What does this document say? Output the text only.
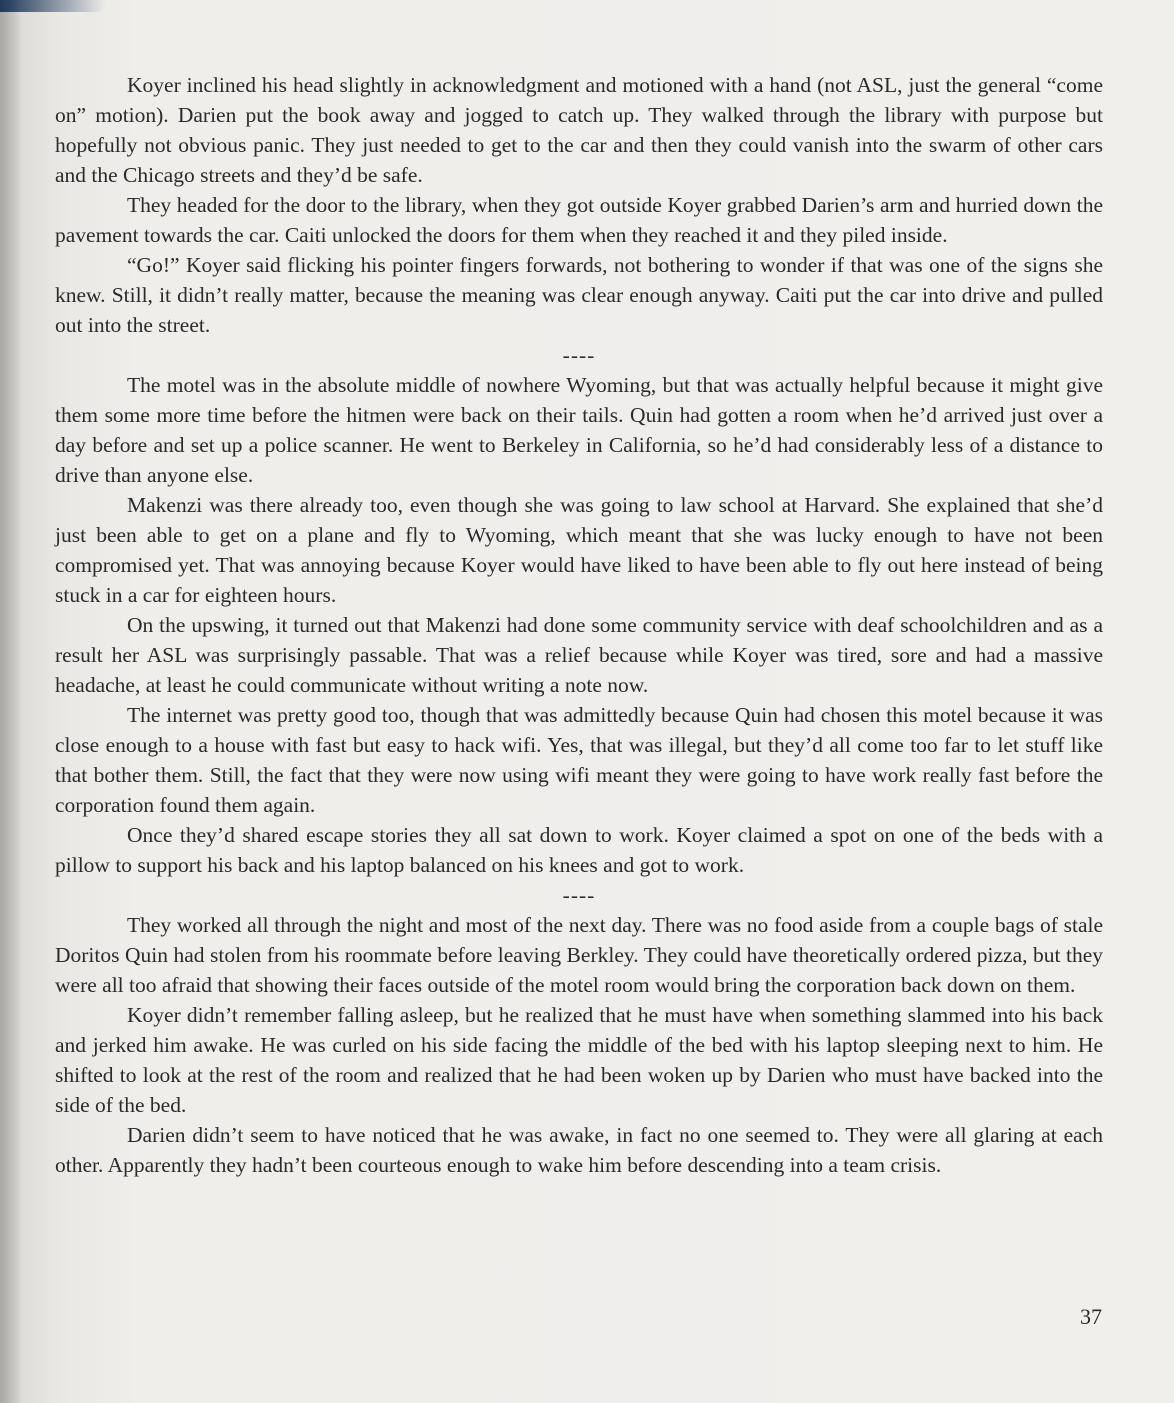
Koyer inclined his head slightly in acknowledgment and motioned with a hand (not ASL, just the general “come on” motion). Darien put the book away and jogged to catch up. They walked through the library with purpose but hopefully not obvious panic. They just needed to get to the car and then they could vanish into the swarm of other cars and the Chicago streets and they’d be safe.

They headed for the door to the library, when they got outside Koyer grabbed Darien’s arm and hurried down the pavement towards the car. Caiti unlocked the doors for them when they reached it and they piled inside.

“Go!” Koyer said flicking his pointer fingers forwards, not bothering to wonder if that was one of the signs she knew. Still, it didn’t really matter, because the meaning was clear enough anyway. Caiti put the car into drive and pulled out into the street.

----

The motel was in the absolute middle of nowhere Wyoming, but that was actually helpful because it might give them some more time before the hitmen were back on their tails. Quin had gotten a room when he’d arrived just over a day before and set up a police scanner. He went to Berkeley in California, so he’d had considerably less of a distance to drive than anyone else.

Makenzi was there already too, even though she was going to law school at Harvard. She explained that she’d just been able to get on a plane and fly to Wyoming, which meant that she was lucky enough to have not been compromised yet. That was annoying because Koyer would have liked to have been able to fly out here instead of being stuck in a car for eighteen hours.

On the upswing, it turned out that Makenzi had done some community service with deaf schoolchildren and as a result her ASL was surprisingly passable. That was a relief because while Koyer was tired, sore and had a massive headache, at least he could communicate without writing a note now.

The internet was pretty good too, though that was admittedly because Quin had chosen this motel because it was close enough to a house with fast but easy to hack wifi. Yes, that was illegal, but they’d all come too far to let stuff like that bother them. Still, the fact that they were now using wifi meant they were going to have work really fast before the corporation found them again.

Once they’d shared escape stories they all sat down to work. Koyer claimed a spot on one of the beds with a pillow to support his back and his laptop balanced on his knees and got to work.

----

They worked all through the night and most of the next day. There was no food aside from a couple bags of stale Doritos Quin had stolen from his roommate before leaving Berkley. They could have theoretically ordered pizza, but they were all too afraid that showing their faces outside of the motel room would bring the corporation back down on them.

Koyer didn’t remember falling asleep, but he realized that he must have when something slammed into his back and jerked him awake. He was curled on his side facing the middle of the bed with his laptop sleeping next to him. He shifted to look at the rest of the room and realized that he had been woken up by Darien who must have backed into the side of the bed.

Darien didn’t seem to have noticed that he was awake, in fact no one seemed to. They were all glaring at each other. Apparently they hadn’t been courteous enough to wake him before descending into a team crisis.

37
